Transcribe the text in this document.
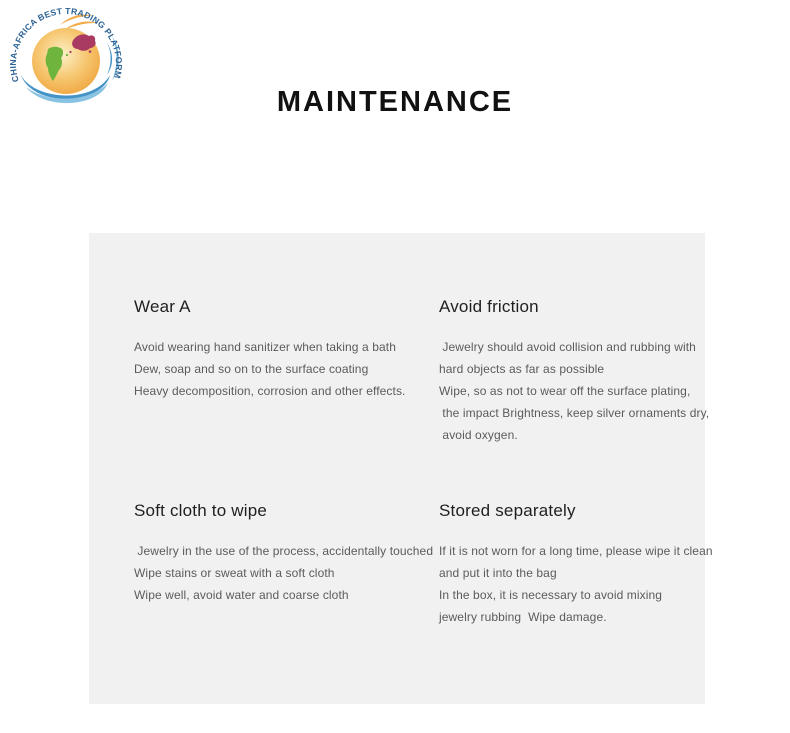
CHINA-AFRICA BEST TRADING PLATFORM
MAINTENANCE
Wear A
Avoid wearing hand sanitizer when taking a bath
Dew, soap and so on to the surface coating
Heavy decomposition, corrosion and other effects.
Avoid friction
Jewelry should avoid collision and rubbing with
hard objects as far as possible
Wipe, so as not to wear off the surface plating,
the impact Brightness, keep silver ornaments dry,
avoid oxygen.
Soft cloth to wipe
Jewelry in the use of the process, accidentally touched
Wipe stains or sweat with a soft cloth
Wipe well, avoid water and coarse cloth
Stored separately
If it is not worn for a long time, please wipe it clean
and put it into the bag
In the box, it is necessary to avoid mixing
jewelry rubbing  Wipe damage.
